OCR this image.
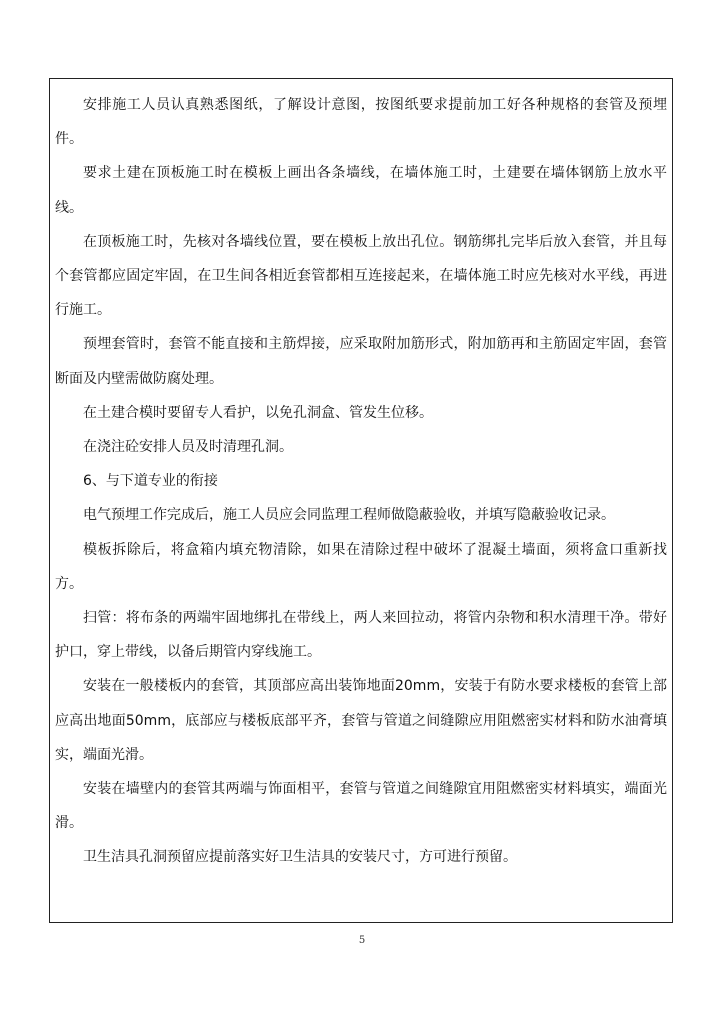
安排施工人员认真熟悉图纸，了解设计意图，按图纸要求提前加工好各种规格的套管及预埋件。

要求土建在顶板施工时在模板上画出各条墙线，在墙体施工时，土建要在墙体钢筋上放水平线。

在顶板施工时，先核对各墙线位置，要在模板上放出孔位。钢筋绑扎完毕后放入套管，并且每个套管都应固定牢固，在卫生间各相近套管都相互连接起来，在墙体施工时应先核对水平线，再进行施工。

预埋套管时，套管不能直接和主筋焊接，应采取附加筋形式，附加筋再和主筋固定牢固，套管断面及内壁需做防腐处理。

在土建合模时要留专人看护，以免孔洞盒、管发生位移。

在浇注砼安排人员及时清理孔洞。

6、与下道专业的衔接

电气预埋工作完成后，施工人员应会同监理工程师做隐蔽验收，并填写隐蔽验收记录。

模板拆除后，将盒箱内填充物清除，如果在清除过程中破坏了混凝土墙面，须将盒口重新找方。

扫管：将布条的两端牢固地绑扎在带线上，两人来回拉动，将管内杂物和积水清理干净。带好护口，穿上带线，以备后期管内穿线施工。

安装在一般楼板内的套管，其顶部应高出装饰地面20mm，安装于有防水要求楼板的套管上部应高出地面50mm，底部应与楼板底部平齐，套管与管道之间缝隙应用阻燃密实材料和防水油膏填实，端面光滑。

安装在墙壁内的套管其两端与饰面相平，套管与管道之间缝隙宜用阻燃密实材料填实，端面光滑。

卫生洁具孔洞预留应提前落实好卫生洁具的安装尺寸，方可进行预留。

5
